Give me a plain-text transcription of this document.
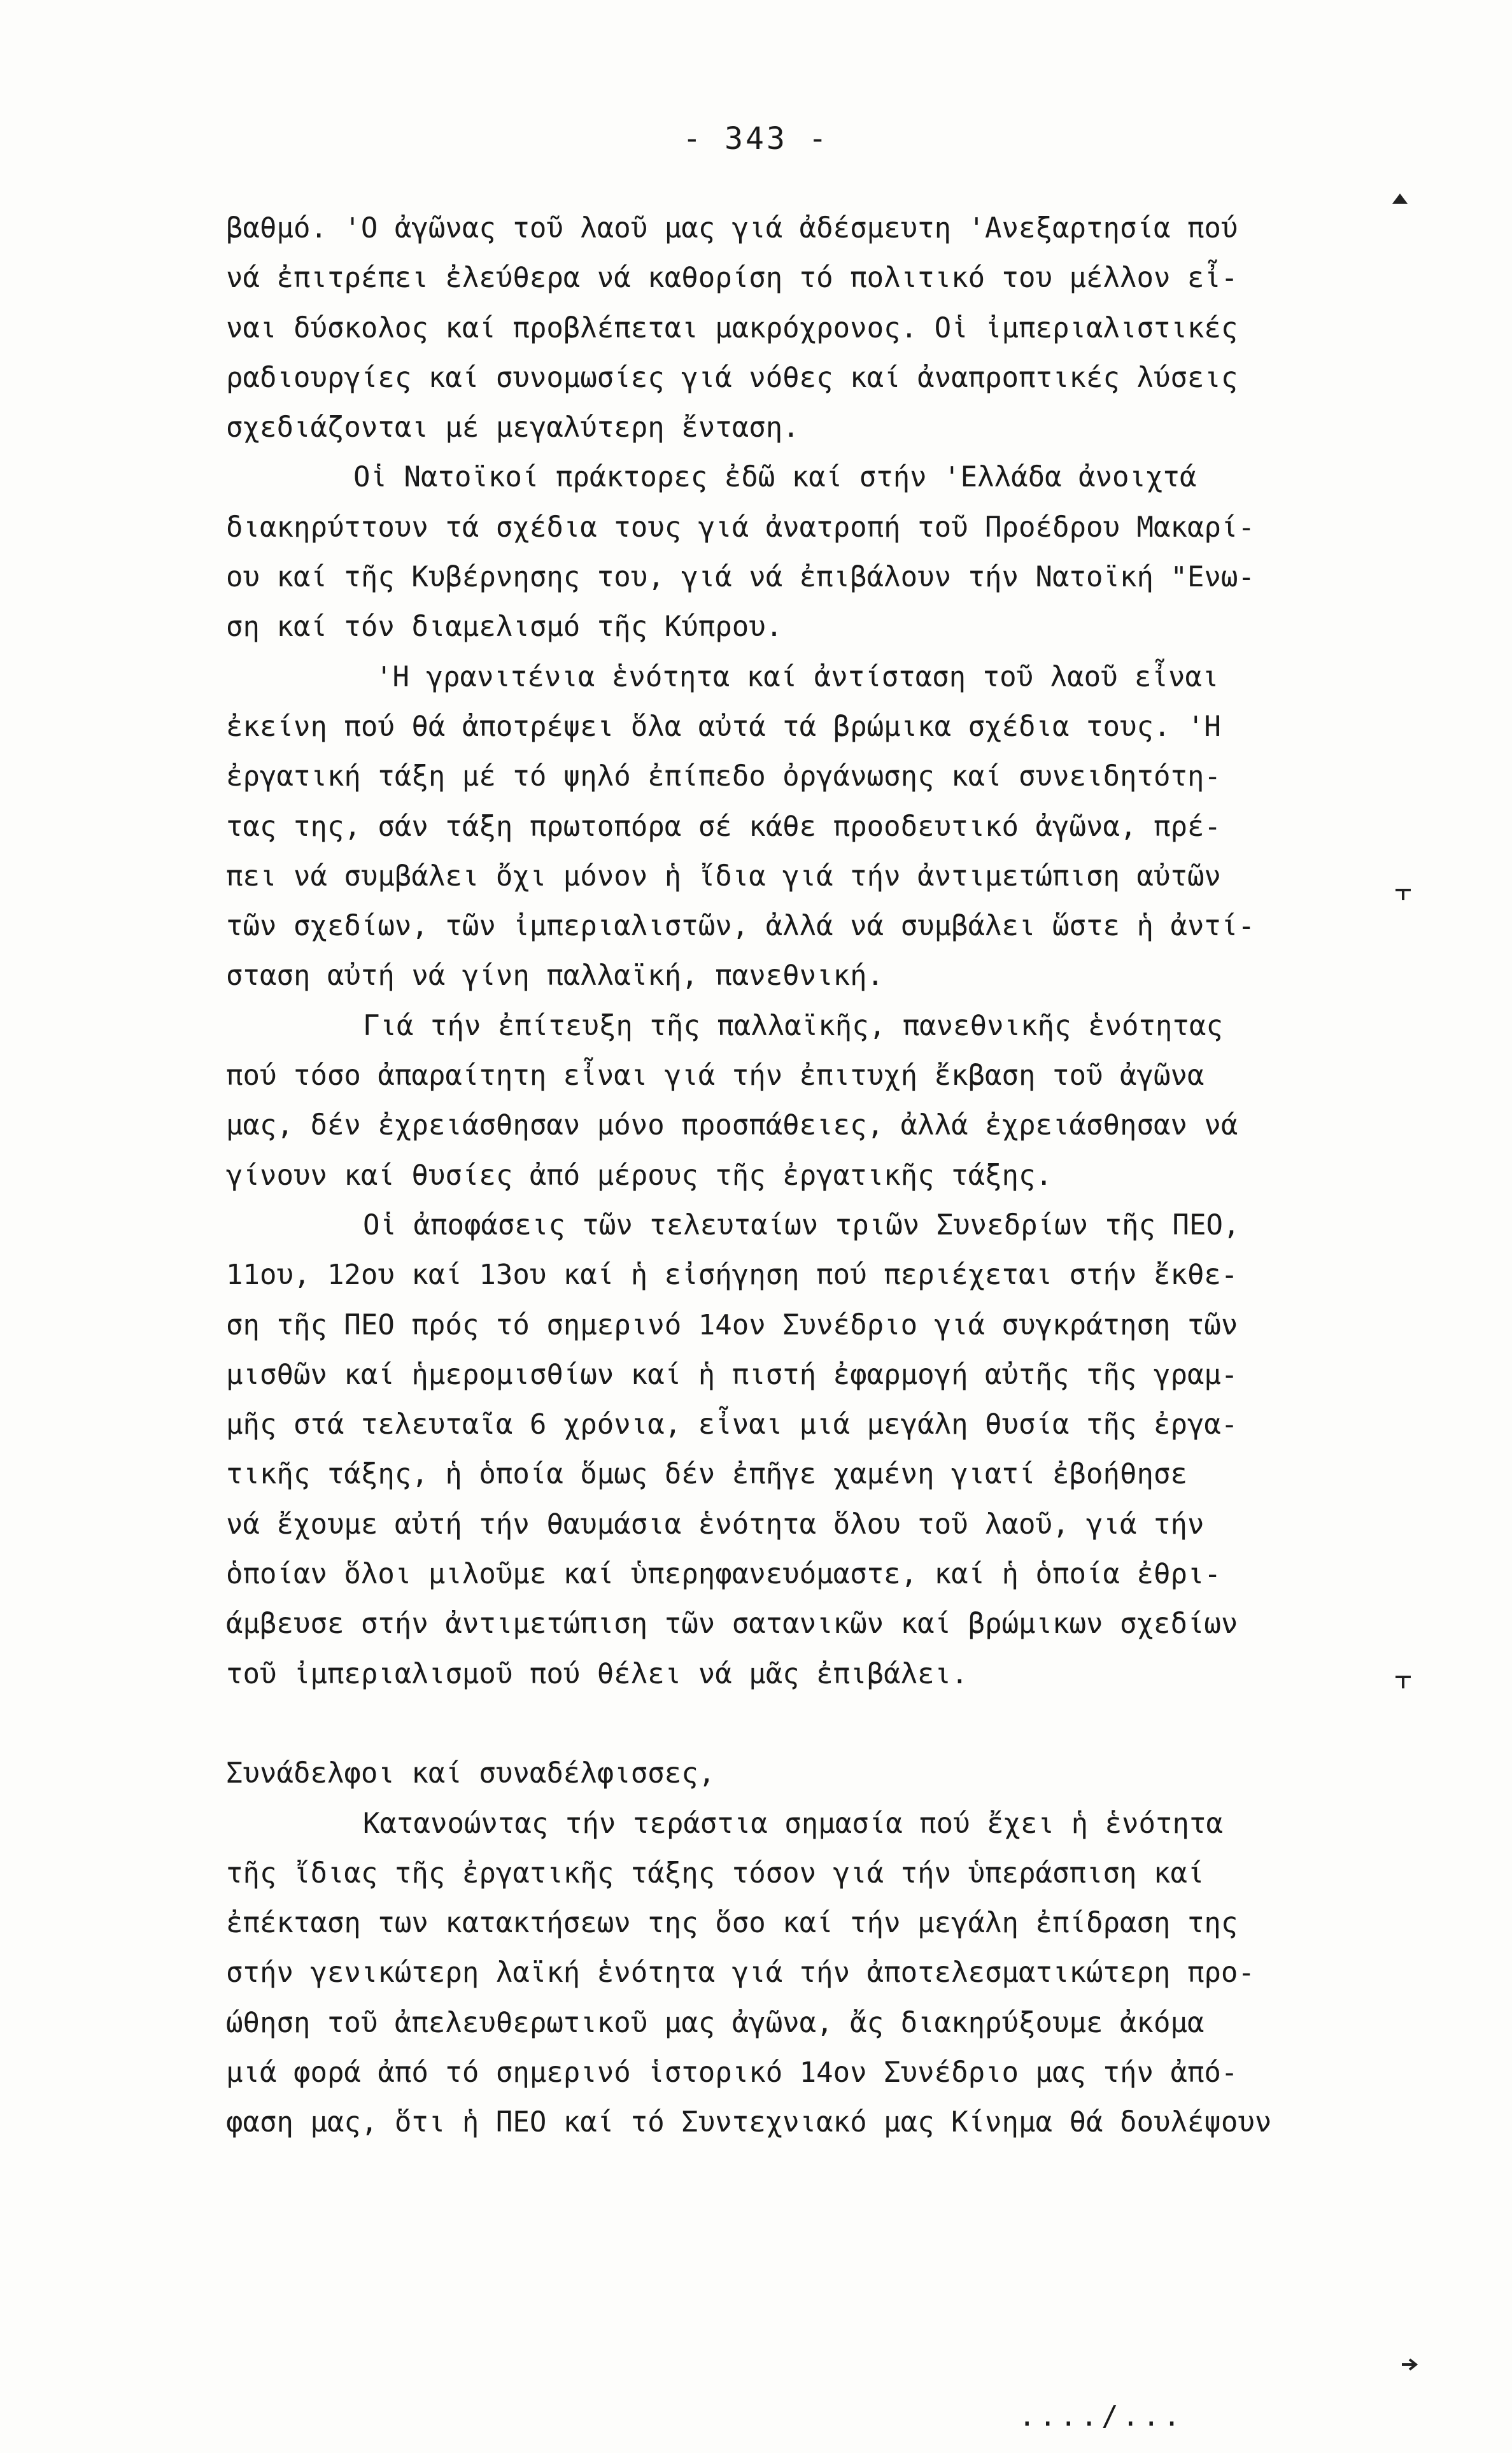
- 343 -
βαθμό. 'Ο ἀγῶνας τοῦ λαοῦ μας γιά ἀδέσμευτη 'Ανεξαρτησία πού
νά ἐπιτρέπει ἐλεύθερα νά καθορίση τό πολιτικό του μέλλον εἶ-
ναι δύσκολος καί προβλέπεται μακρόχρονος. Οἱ ἰμπεριαλιστικές
ραδιουργίες καί συνομωσίες γιά νόθες καί ἀναπροπτικές λύσεις
σχεδιάζονται μέ μεγαλύτερη ἔνταση.
Οἱ Νατοϊκοί πράκτορες ἐδῶ καί στήν 'Ελλάδα ἀνοιχτά
διακηρύττουν τά σχέδια τους γιά ἀνατροπή τοῦ Προέδρου Μακαρί-
ου καί τῆς Κυβέρνησης του, γιά νά ἐπιβάλουν τήν Νατοϊκή "Ενω-
ση καί τόν διαμελισμό τῆς Κύπρου.
'Η γρανιτένια ἑνότητα καί ἀντίσταση τοῦ λαοῦ εἶναι
ἐκείνη πού θά ἀποτρέψει ὅλα αὐτά τά βρώμικα σχέδια τους. 'Η
ἐργατική τάξη μέ τό ψηλό ἐπίπεδο ὀργάνωσης καί συνειδητότη-
τας της, σάν τάξη πρωτοπόρα σέ κάθε προοδευτικό ἀγῶνα, πρέ-
πει νά συμβάλει ὄχι μόνον ἡ ἴδια γιά τήν ἀντιμετώπιση αὐτῶν
τῶν σχεδίων, τῶν ἰμπεριαλιστῶν, ἀλλά νά συμβάλει ὥστε ἡ ἀντί-
σταση αὐτή νά γίνη παλλαϊκή, πανεθνική.
Γιά τήν ἐπίτευξη τῆς παλλαϊκῆς, πανεθνικῆς ἑνότητας
πού τόσο ἀπαραίτητη εἶναι γιά τήν ἐπιτυχή ἔκβαση τοῦ ἀγῶνα
μας, δέν ἐχρειάσθησαν μόνο προσπάθειες, ἀλλά ἐχρειάσθησαν νά
γίνουν καί θυσίες ἀπό μέρους τῆς ἐργατικῆς τάξης.
Οἱ ἀποφάσεις τῶν τελευταίων τριῶν Συνεδρίων τῆς ΠΕΟ,
11ου, 12ου καί 13ου καί ἡ εἰσήγηση πού περιέχεται στήν ἔκθε-
ση τῆς ΠΕΟ πρός τό σημερινό 14ον Συνέδριο γιά συγκράτηση τῶν
μισθῶν καί ἡμερομισθίων καί ἡ πιστή ἐφαρμογή αὐτῆς τῆς γραμ-
μῆς στά τελευταῖα 6 χρόνια, εἶναι μιά μεγάλη θυσία τῆς ἐργα-
τικῆς τάξης, ἡ ὁποία ὅμως δέν ἐπῆγε χαμένη γιατί ἐβοήθησε
νά ἔχουμε αὐτή τήν θαυμάσια ἑνότητα ὅλου τοῦ λαοῦ, γιά τήν
ὁποίαν ὅλοι μιλοῦμε καί ὑπερηφανευόμαστε, καί ἡ ὁποία ἐθρι-
άμβευσε στήν ἀντιμετώπιση τῶν σατανικῶν καί βρώμικων σχεδίων
τοῦ ἰμπεριαλισμοῦ πού θέλει νά μᾶς ἐπιβάλει.
Συνάδελφοι καί συναδέλφισσες,
Κατανοώντας τήν τεράστια σημασία πού ἔχει ἡ ἑνότητα
τῆς ἴδιας τῆς ἐργατικῆς τάξης τόσον γιά τήν ὑπεράσπιση καί
ἐπέκταση των κατακτήσεων της ὅσο καί τήν μεγάλη ἐπίδραση της
στήν γενικώτερη λαϊκή ἑνότητα γιά τήν ἀποτελεσματικώτερη προ-
ώθηση τοῦ ἀπελευθερωτικοῦ μας ἀγῶνα, ἄς διακηρύξουμε ἀκόμα
μιά φορά ἀπό τό σημερινό ἱστορικό 14ον Συνέδριο μας τήν ἀπό-
φαση μας, ὅτι ἡ ΠΕΟ καί τό Συντεχνιακό μας Κίνημα θά δουλέψουν
..../...
